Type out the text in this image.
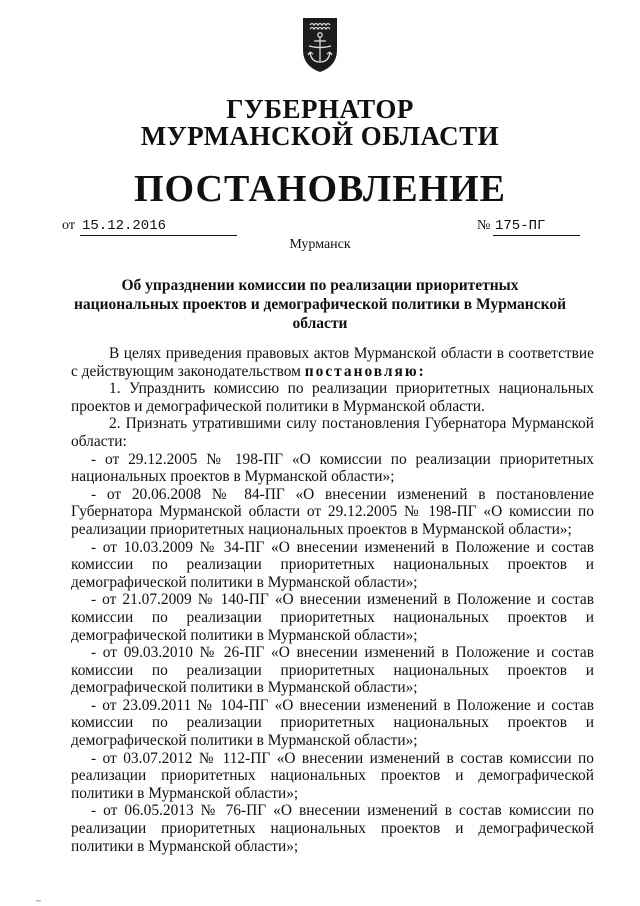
ГУБЕРНАТОР
МУРМАНСКОЙ ОБЛАСТИ
ПОСТАНОВЛЕНИЕ
от 15.12.2016	№ 175-ПГ
Мурманск
Об упразднении комиссии по реализации приоритетных национальных проектов и демографической политики в Мурманской области

В целях приведения правовых актов Мурманской области в соответствие с действующим законодательством постановляю:

1. Упразднить комиссию по реализации приоритетных национальных проектов и демографической политики в Мурманской области.

2. Признать утратившими силу постановления Губернатора Мурманской области:

- от 29.12.2005 № 198-ПГ «О комиссии по реализации приоритетных национальных проектов в Мурманской области»;

- от 20.06.2008 № 84-ПГ «О внесении изменений в постановление Губернатора Мурманской области от 29.12.2005 № 198-ПГ «О комиссии по реализации приоритетных национальных проектов в Мурманской области»;

- от 10.03.2009 № 34-ПГ «О внесении изменений в Положение и состав комиссии по реализации приоритетных национальных проектов и демографической политики в Мурманской области»;

- от 21.07.2009 № 140-ПГ «О внесении изменений в Положение и состав комиссии по реализации приоритетных национальных проектов и демографической политики в Мурманской области»;

- от 09.03.2010 № 26-ПГ «О внесении изменений в Положение и состав комиссии по реализации приоритетных национальных проектов и демографической политики в Мурманской области»;

- от 23.09.2011 № 104-ПГ «О внесении изменений в Положение и состав комиссии по реализации приоритетных национальных проектов и демографической политики в Мурманской области»;

- от 03.07.2012 № 112-ПГ «О внесении изменений в состав комиссии по реализации приоритетных национальных проектов и демографической политики в Мурманской области»;

- от 06.05.2013 № 76-ПГ «О внесении изменений в состав комиссии по реализации приоритетных национальных проектов и демографической политики в Мурманской области»;

~
